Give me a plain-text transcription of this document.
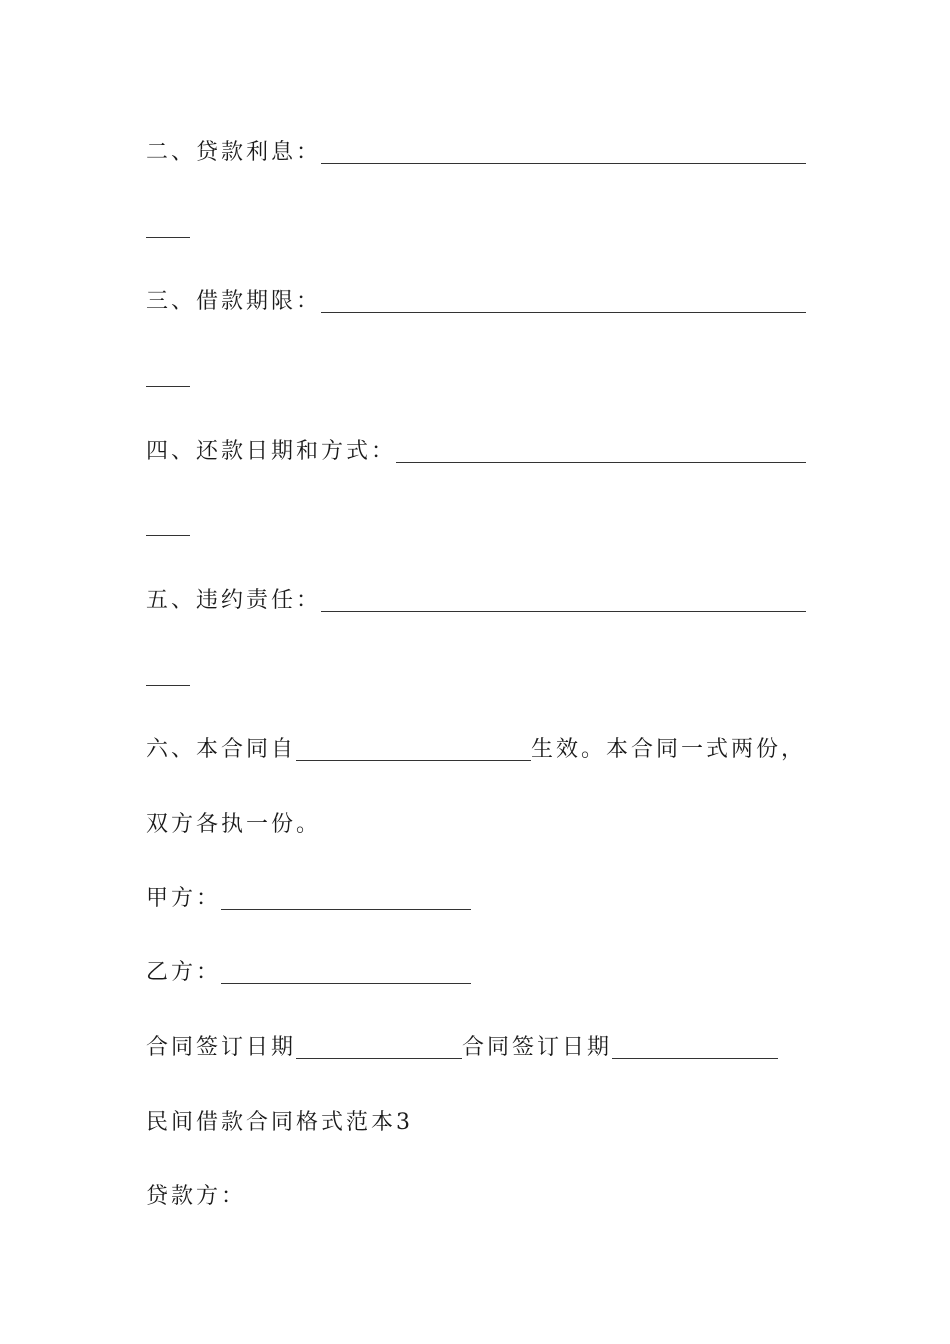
二、贷款利息：
三、借款期限：
四、还款日期和方式：
五、违约责任：
六、本合同自	生效。本合同一式两份，
双方各执一份。
甲方：
乙方：
合同签订日期	合同签订日期
民间借款合同格式范本3
贷款方：
